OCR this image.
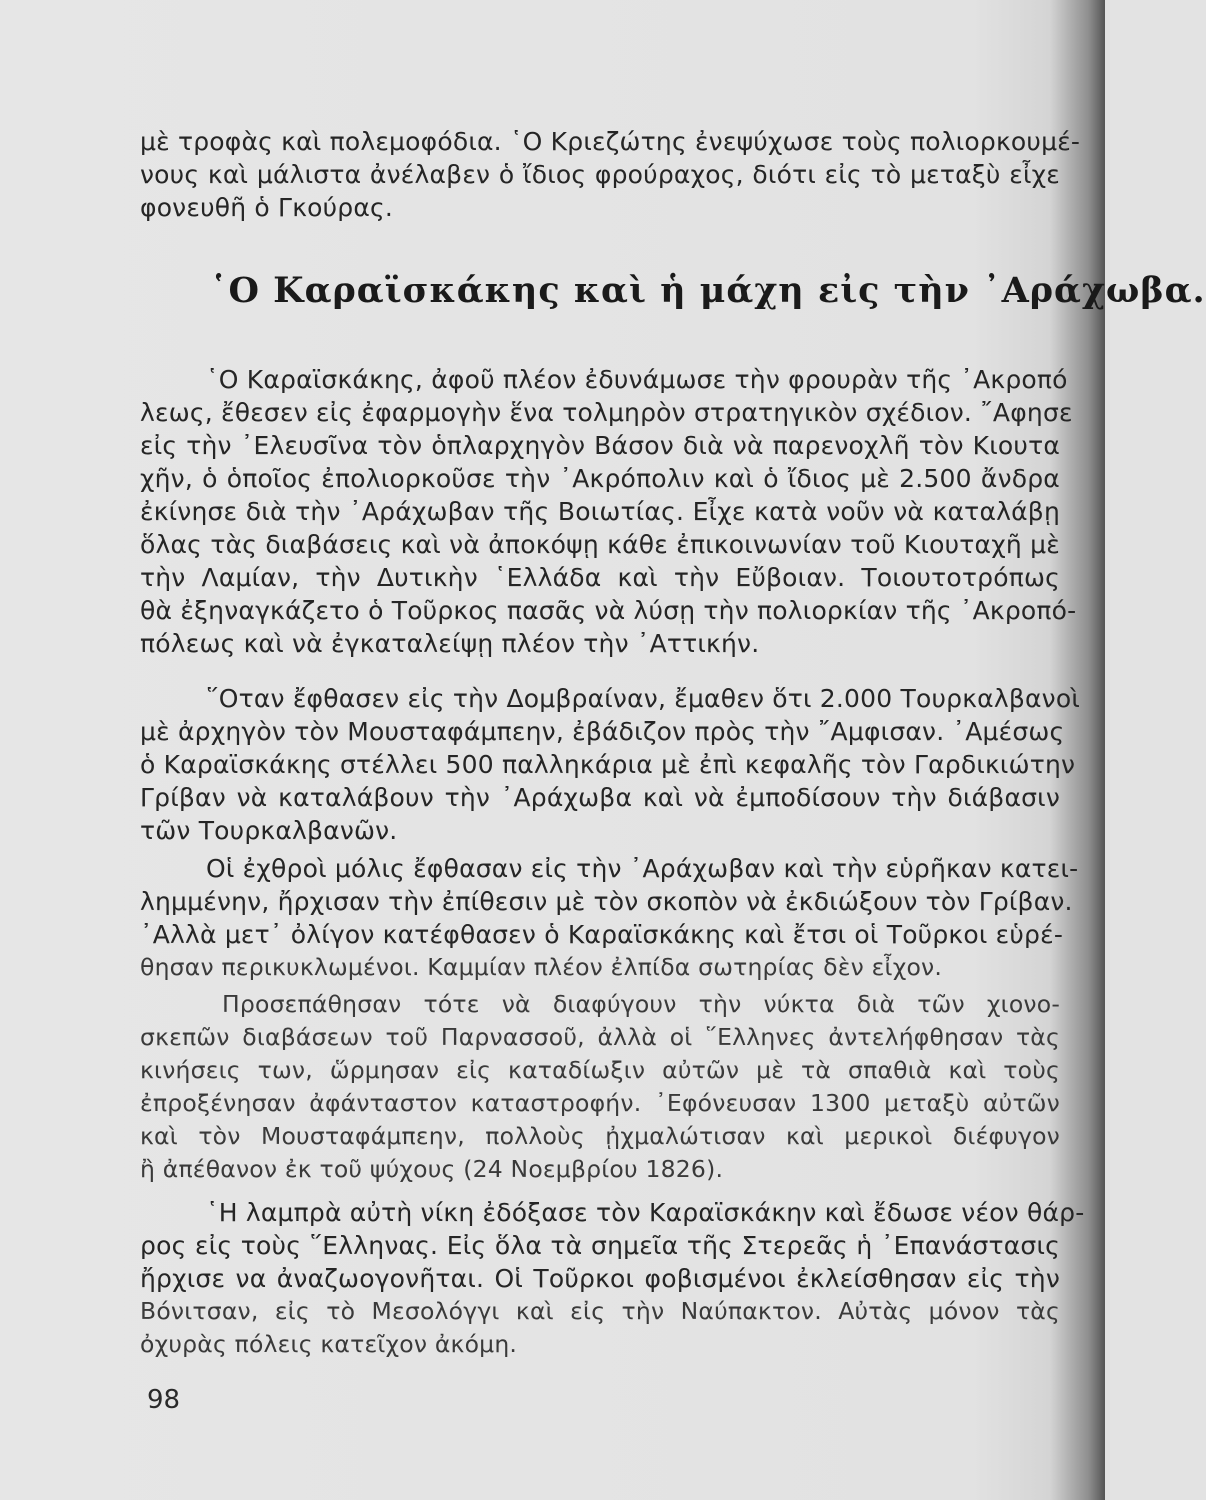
μὲ τροφὰς καὶ πολεμοφόδια. ῾Ο Κριεζώτης ἐνεψύχωσε τοὺς πολιορκουμέ-
νους καὶ μάλιστα ἀνέλαβεν ὁ ἴδιος φρούραχος, διότι εἰς τὸ μεταξὺ εἶχε
φονευθῆ ὁ Γκούρας.
῾Ο Καραϊσκάκης καὶ ἡ μάχη εἰς τὴν ᾿Αράχωβα.
῾Ο Καραϊσκάκης, ἀφοῦ πλέον ἐδυνάμωσε τὴν φρουρὰν τῆς ᾿Ακροπό
λεως, ἔθεσεν εἰς ἐφαρμογὴν ἕνα τολμηρὸν στρατηγικὸν σχέδιον. ῎Αφησε
εἰς τὴν ᾿Ελευσῖνα τὸν ὁπλαρχηγὸν Βάσον διὰ νὰ παρενοχλῆ τὸν Κιουτα
χῆν, ὁ ὁποῖος ἐπολιορκοῦσε τὴν ᾿Ακρόπολιν καὶ ὁ ἴδιος μὲ 2.500 ἄνδρα
ἐκίνησε διὰ τὴν ᾿Αράχωβαν τῆς Βοιωτίας. Εἶχε κατὰ νοῦν νὰ καταλάβῃ
ὅλας τὰς διαβάσεις καὶ νὰ ἀποκόψῃ κάθε ἐπικοινωνίαν τοῦ Κιουταχῆ μὲ
τὴν Λαμίαν, τὴν Δυτικὴν ῾Ελλάδα καὶ τὴν Εὔβοιαν. Τοιουτοτρόπως
θὰ ἐξηναγκάζετο ὁ Τοῦρκος πασᾶς νὰ λύσῃ τὴν πολιορκίαν τῆς ᾿Ακροπό-
πόλεως καὶ νὰ ἐγκαταλείψῃ πλέον τὴν ᾿Αττικήν.
῞Οταν ἔφθασεν εἰς τὴν Δομβραίναν, ἔμαθεν ὅτι 2.000 Τουρκαλβανοὶ
μὲ ἀρχηγὸν τὸν Μουσταφάμπεην, ἐβάδιζον πρὸς τὴν ῎Αμφισαν. ᾿Αμέσως
ὁ Καραϊσκάκης στέλλει 500 παλληκάρια μὲ ἐπὶ κεφαλῆς τὸν Γαρδικιώτην
Γρίβαν νὰ καταλάβουν τὴν ᾿Αράχωβα καὶ νὰ ἐμποδίσουν τὴν διάβασιν
τῶν Τουρκαλβανῶν.
Οἱ ἐχθροὶ μόλις ἔφθασαν εἰς τὴν ᾿Αράχωβαν καὶ τὴν εὑρῆκαν κατει-
λημμένην, ἤρχισαν τὴν ἐπίθεσιν μὲ τὸν σκοπὸν νὰ ἐκδιώξουν τὸν Γρίβαν.
᾿Αλλὰ μετ᾿ ὀλίγον κατέφθασεν ὁ Καραϊσκάκης καὶ ἔτσι οἱ Τοῦρκοι εὑρέ-
θησαν περικυκλωμένοι. Καμμίαν πλέον ἐλπίδα σωτηρίας δὲν εἶχον.
Προσεπάθησαν τότε νὰ διαφύγουν τὴν νύκτα διὰ τῶν χιονο-
σκεπῶν διαβάσεων τοῦ Παρνασσοῦ, ἀλλὰ οἱ ῞Ελληνες ἀντελήφθησαν τὰς
κινήσεις των, ὥρμησαν εἰς καταδίωξιν αὐτῶν μὲ τὰ σπαθιὰ καὶ τοὺς
ἐπροξένησαν ἀφάνταστον καταστροφήν. ᾿Εφόνευσαν 1300 μεταξὺ αὐτῶν
καὶ τὸν Μουσταφάμπεην, πολλοὺς ᾐχμαλώτισαν καὶ μερικοὶ διέφυγον
ἢ ἀπέθανον ἐκ τοῦ ψύχους (24 Νοεμβρίου 1826).
῾Η λαμπρὰ αὐτὴ νίκη ἐδόξασε τὸν Καραϊσκάκην καὶ ἔδωσε νέον θάρ-
ρος εἰς τοὺς ῞Ελληνας. Εἰς ὅλα τὰ σημεῖα τῆς Στερεᾶς ἡ ᾿Επανάστασις
ἤρχισε να ἀναζωογονῆται. Οἱ Τοῦρκοι φοβισμένοι ἐκλείσθησαν εἰς τὴν
Βόνιτσαν, εἰς τὸ Μεσολόγγι καὶ εἰς τὴν Ναύπακτον. Αὐτὰς μόνον τὰς
ὀχυρὰς πόλεις κατεῖχον ἀκόμη.
98
